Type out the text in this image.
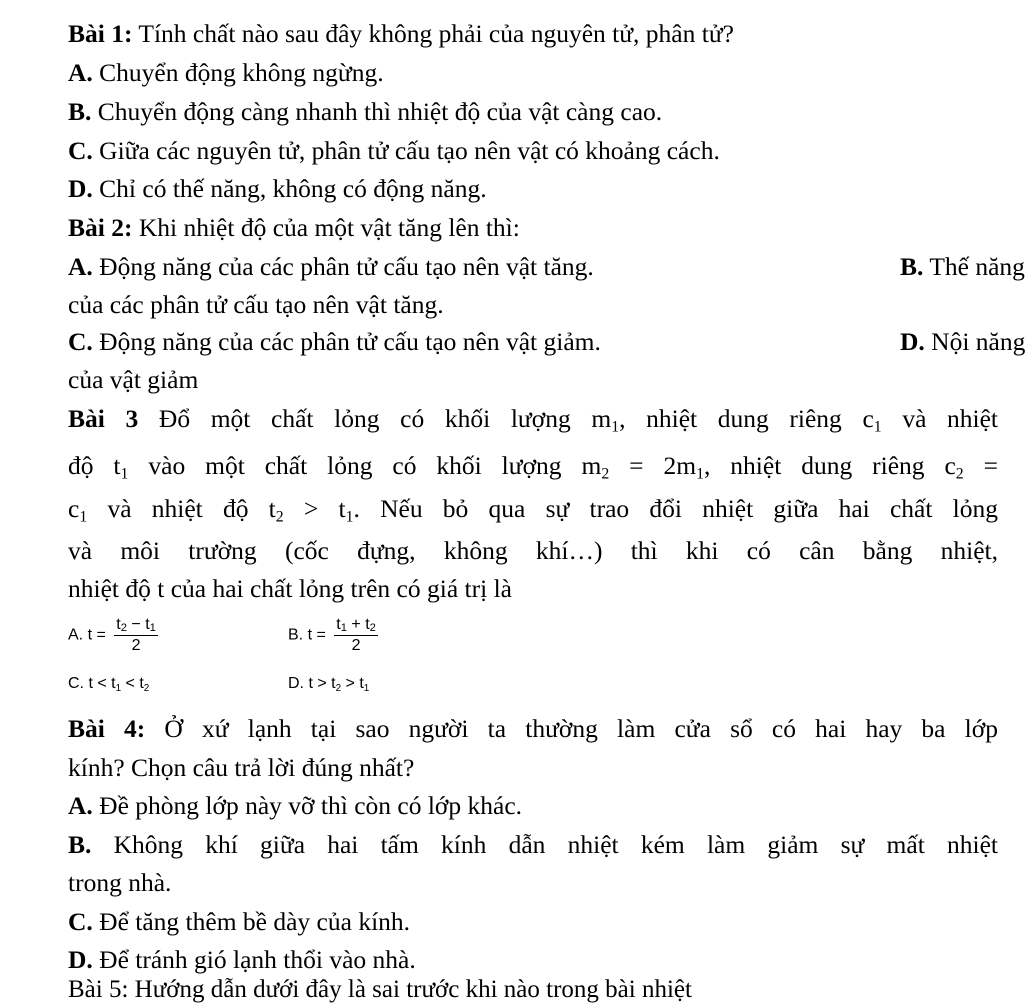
Bài 1: Tính chất nào sau đây không phải của nguyên tử, phân tử?
A. Chuyển động không ngừng.
B. Chuyển động càng nhanh thì nhiệt độ của vật càng cao.
C. Giữa các nguyên tử, phân tử cấu tạo nên vật có khoảng cách.
D. Chỉ có thế năng, không có động năng.
Bài 2: Khi nhiệt độ của một vật tăng lên thì:
A. Động năng của các phân tử cấu tạo nên vật tăng.	B. Thế năng
của các phân tử cấu tạo nên vật tăng.
C. Động năng của các phân tử cấu tạo nên vật giảm.	D. Nội năng
của vật giảm
Bài 3 Đổ một chất lỏng có khối lượng $m_1$, nhiệt dung riêng $c_1$ và nhiệt
độ $t_1$ vào một chất lỏng có khối lượng $m_2 = 2m_1$, nhiệt dung riêng $c_2$ =
$c_1$ và nhiệt độ $t_2 > t_1$. Nếu bỏ qua sự trao đổi nhiệt giữa hai chất lỏng
và môi trường (cốc đựng, không khí…) thì khi có cân bằng nhiệt,
nhiệt độ t của hai chất lỏng trên có giá trị là
A. $t = \frac{t_2 - t_1}{2}$	B. $t = \frac{t_1 + t_2}{2}$
C. $t < t_1 < t_2$	D. $t > t_2 > t_1$
Bài 4: Ở xứ lạnh tại sao người ta thường làm cửa sổ có hai hay ba lớp
kính? Chọn câu trả lời đúng nhất?
A. Đề phòng lớp này vỡ thì còn có lớp khác.
B. Không khí giữa hai tấm kính dẫn nhiệt kém làm giảm sự mất nhiệt
trong nhà.
C. Để tăng thêm bề dày của kính.
D. Để tránh gió lạnh thổi vào nhà.
Bài 5: Hướng dẫn dưới đây là sai trước khi nào trong bài nhiệt
